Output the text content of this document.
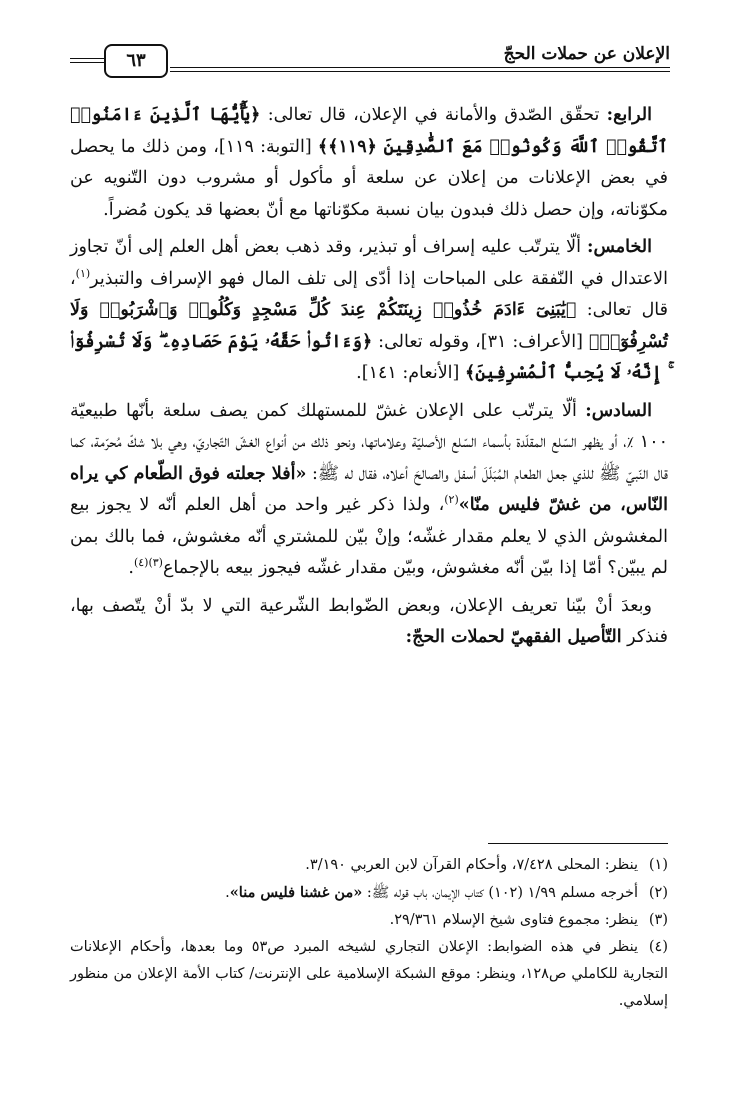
٦٣	الإعلان عن حملات الحجّ

الرابع: تحقّق الصّدق والأمانة في الإعلان، قال تعالى: ﴿يَٰٓأَيُّهَا ٱلَّذِينَ ءَامَنُوا۟ ٱتَّقُوا۟ ٱللَّهَ وَكُونُوا۟ مَعَ ٱلصَّٰدِقِينَ ﴿١١٩﴾﴾ [التوبة: ١١٩]، ومن ذلك ما يحصل في بعض الإعلانات من إعلان عن سلعة أو مأكول أو مشروب دون التّنويه عن مكوّناته، وإن حصل ذلك فبدون بيان نسبة مكوّناتها مع أنّ بعضها قد يكون مُضراً.

الخامس: ألّا يترتّب عليه إسراف أو تبذير، وقد ذهب بعض أهل العلم إلى أنّ تجاوز الاعتدال في النّفقة على المباحات إذا أدّى إلى تلف المال فهو الإسراف والتبذير$^{(١)}$، قال تعالى: ﴿يَٰبَنِىٓ ءَادَمَ خُذُوا۟ زِينَتَكُمْ عِندَ كُلِّ مَسْجِدٍ وَكُلُوا۟ وَٱشْرَبُوا۟ وَلَا تُسْرِفُوٓا۟﴾ [الأعراف: ٣١]، وقوله تعالى: ﴿وَءَاتُوا۟ حَقَّهُۥ يَوْمَ حَصَادِهِۦ ۖ وَلَا تُسْرِفُوٓا۟ ۚ إِنَّهُۥ لَا يُحِبُّ ٱلْمُسْرِفِينَ﴾ [الأنعام: ١٤١].

السادس: ألّا يترتّب على الإعلان غشّ للمستهلك كمن يصف سلعة بأنّها طبيعيّة ١٠٠ ٪، أو يظهر السّلع المقلّدة بأسماء السّلع الأصليّة وعلاماتها، ونحو ذلك من أنواع الغشّ التّجاريّ، وهي بلا شكّ مُحرّمة، كما قال النّبيّ ﷺ للذي جعل الطعام المُبَلّلَ أسفل والصالحَ أعلاه، فقال له ﷺ: «أفلا جعلته فوق الطّعام كي يراه النّاس، من غشّ فليس منّا»$^{(٢)}$، ولذا ذكر غير واحد من أهل العلم أنّه لا يجوز بيع المغشوش الذي لا يعلم مقدار غشّه؛ وإنْ بيّن للمشتري أنّه مغشوش، فما بالك بمن لم يبيّن؟ أمّا إذا بيّن أنّه مغشوش، وبيّن مقدار غشّه فيجوز بيعه بالإجماع$^{(٣)(٤)}$.

وبعدَ أنْ بيّنا تعريف الإعلان، وبعض الضّوابط الشّرعية التي لا بدّ أنْ يتّصف بها، فنذكر التّأصيل الفقهيّ لحملات الحجّ:

(١)ينظر: المحلى ٧/٤٢٨، وأحكام القرآن لابن العربي ٣/١٩٠.

(٢)أخرجه مسلم ١/٩٩ (١٠٢) كتاب الإيمان، باب قوله ﷺ: «من غشنا فليس منا».

(٣)ينظر: مجموع فتاوى شيخ الإسلام ٢٩/٣٦١.

(٤)ينظر في هذه الضوابط: الإعلان التجاري لشيخه المبرد ص٥٣ وما بعدها، وأحكام الإعلانات التجارية للكاملي ص١٢٨، وينظر: موقع الشبكة الإسلامية على الإنترنت/ كتاب الأمة الإعلان من منظور إسلامي.
